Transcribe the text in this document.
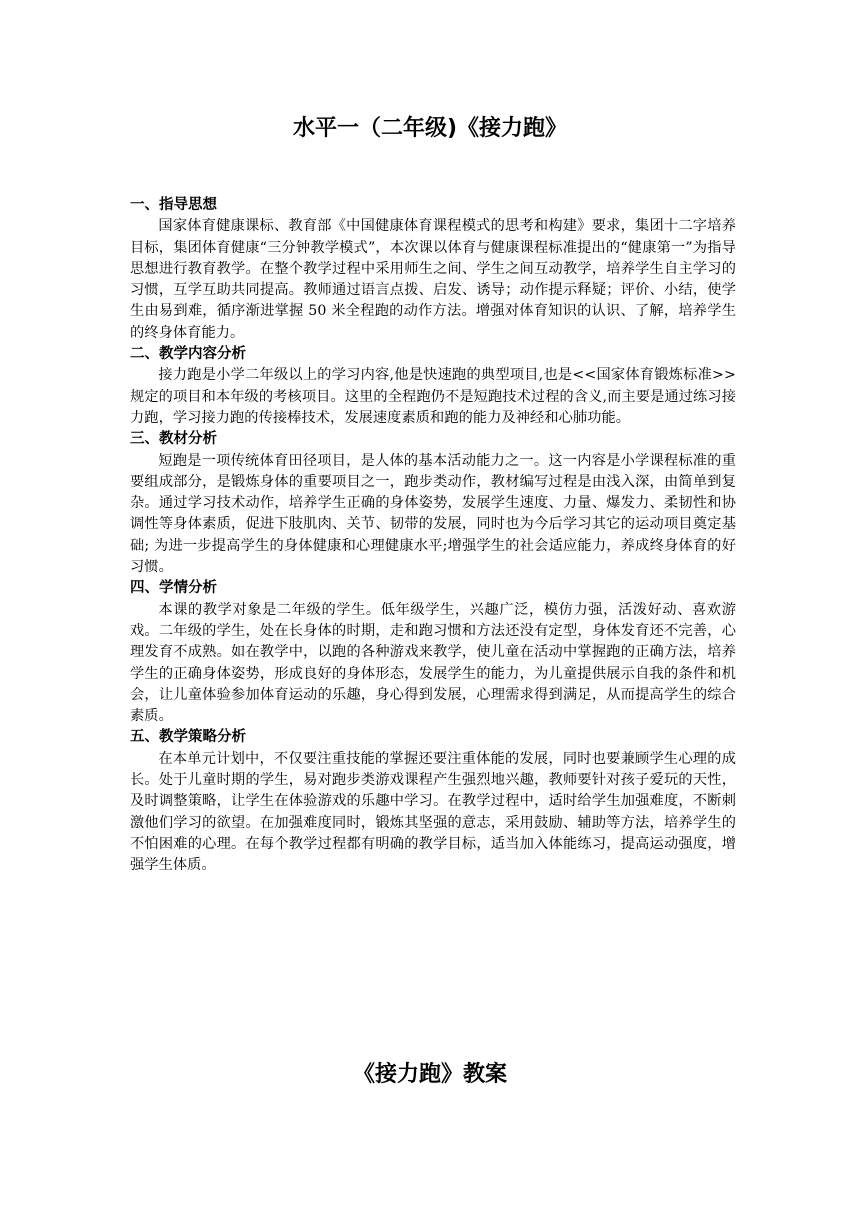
水平一（二年级)《接力跑》

一、指导思想

国家体育健康课标、教育部《中国健康体育课程模式的思考和构建》要求，集团十二字培养目标，集团体育健康“三分钟教学模式”，本次课以体育与健康课程标准提出的“健康第一”为指导思想进行教育教学。在整个教学过程中采用师生之间、学生之间互动教学，培养学生自主学习的习惯，互学互助共同提高。教师通过语言点拨、启发、诱导；动作提示释疑；评价、小结，使学生由易到难，循序渐进掌握 50 米全程跑的动作方法。增强对体育知识的认识、了解，培养学生的终身体育能力。

二、教学内容分析

接力跑是小学二年级以上的学习内容,他是快速跑的典型项目,也是<<国家体育锻炼标准>>规定的项目和本年级的考核项目。这里的全程跑仍不是短跑技术过程的含义,而主要是通过练习接力跑，学习接力跑的传接棒技术，发展速度素质和跑的能力及神经和心肺功能。

三、教材分析

短跑是一项传统体育田径项目，是人体的基本活动能力之一。这一内容是小学课程标准的重要组成部分，是锻炼身体的重要项目之一，跑步类动作，教材编写过程是由浅入深，由简单到复杂。通过学习技术动作，培养学生正确的身体姿势，发展学生速度、力量、爆发力、柔韧性和协调性等身体素质，促进下肢肌肉、关节、韧带的发展，同时也为今后学习其它的运动项目奠定基础; 为进一步提高学生的身体健康和心理健康水平;增强学生的社会适应能力，养成终身体育的好习惯。

四、学情分析

本课的教学对象是二年级的学生。低年级学生，兴趣广泛，模仿力强，活泼好动、喜欢游戏。二年级的学生，处在长身体的时期，走和跑习惯和方法还没有定型，身体发育还不完善，心理发育不成熟。如在教学中，以跑的各种游戏来教学，使儿童在活动中掌握跑的正确方法，培养学生的正确身体姿势，形成良好的身体形态，发展学生的能力，为儿童提供展示自我的条件和机会，让儿童体验参加体育运动的乐趣，身心得到发展，心理需求得到满足，从而提高学生的综合素质。

五、教学策略分析

在本单元计划中，不仅要注重技能的掌握还要注重体能的发展，同时也要兼顾学生心理的成长。处于儿童时期的学生，易对跑步类游戏课程产生强烈地兴趣，教师要针对孩子爱玩的天性，及时调整策略，让学生在体验游戏的乐趣中学习。在教学过程中，适时给学生加强难度，不断刺激他们学习的欲望。在加强难度同时，锻炼其坚强的意志，采用鼓励、辅助等方法，培养学生的不怕困难的心理。在每个教学过程都有明确的教学目标，适当加入体能练习，提高运动强度，增强学生体质。

《接力跑》教案
